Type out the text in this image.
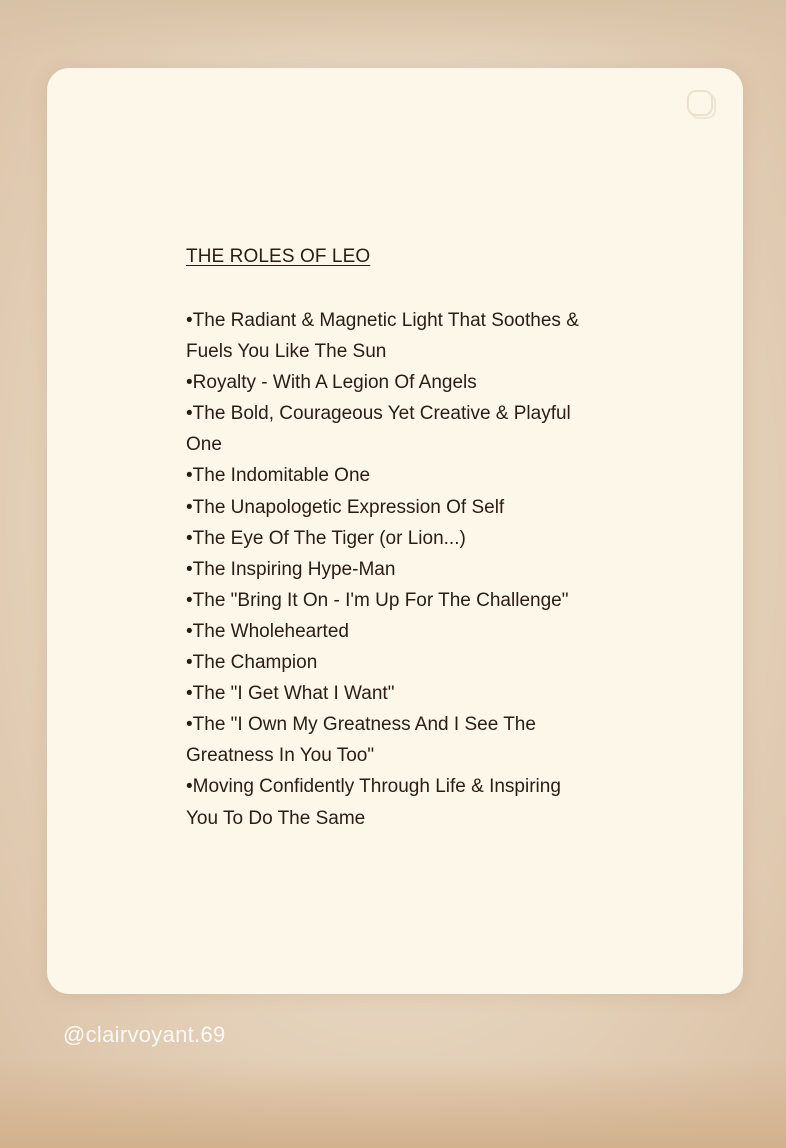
THE ROLES OF LEO
•The Radiant & Magnetic Light That Soothes & Fuels You Like The Sun
•Royalty - With A Legion Of Angels
•The Bold, Courageous Yet Creative & Playful One
•The Indomitable One
•The Unapologetic Expression Of Self
•The Eye Of The Tiger (or Lion...)
•The Inspiring Hype-Man
•The "Bring It On - I'm Up For The Challenge"
•The Wholehearted
•The Champion
•The "I Get What I Want"
•The "I Own My Greatness And I See The Greatness In You Too"
•Moving Confidently Through Life & Inspiring You To Do The Same
@clairvoyant.69
